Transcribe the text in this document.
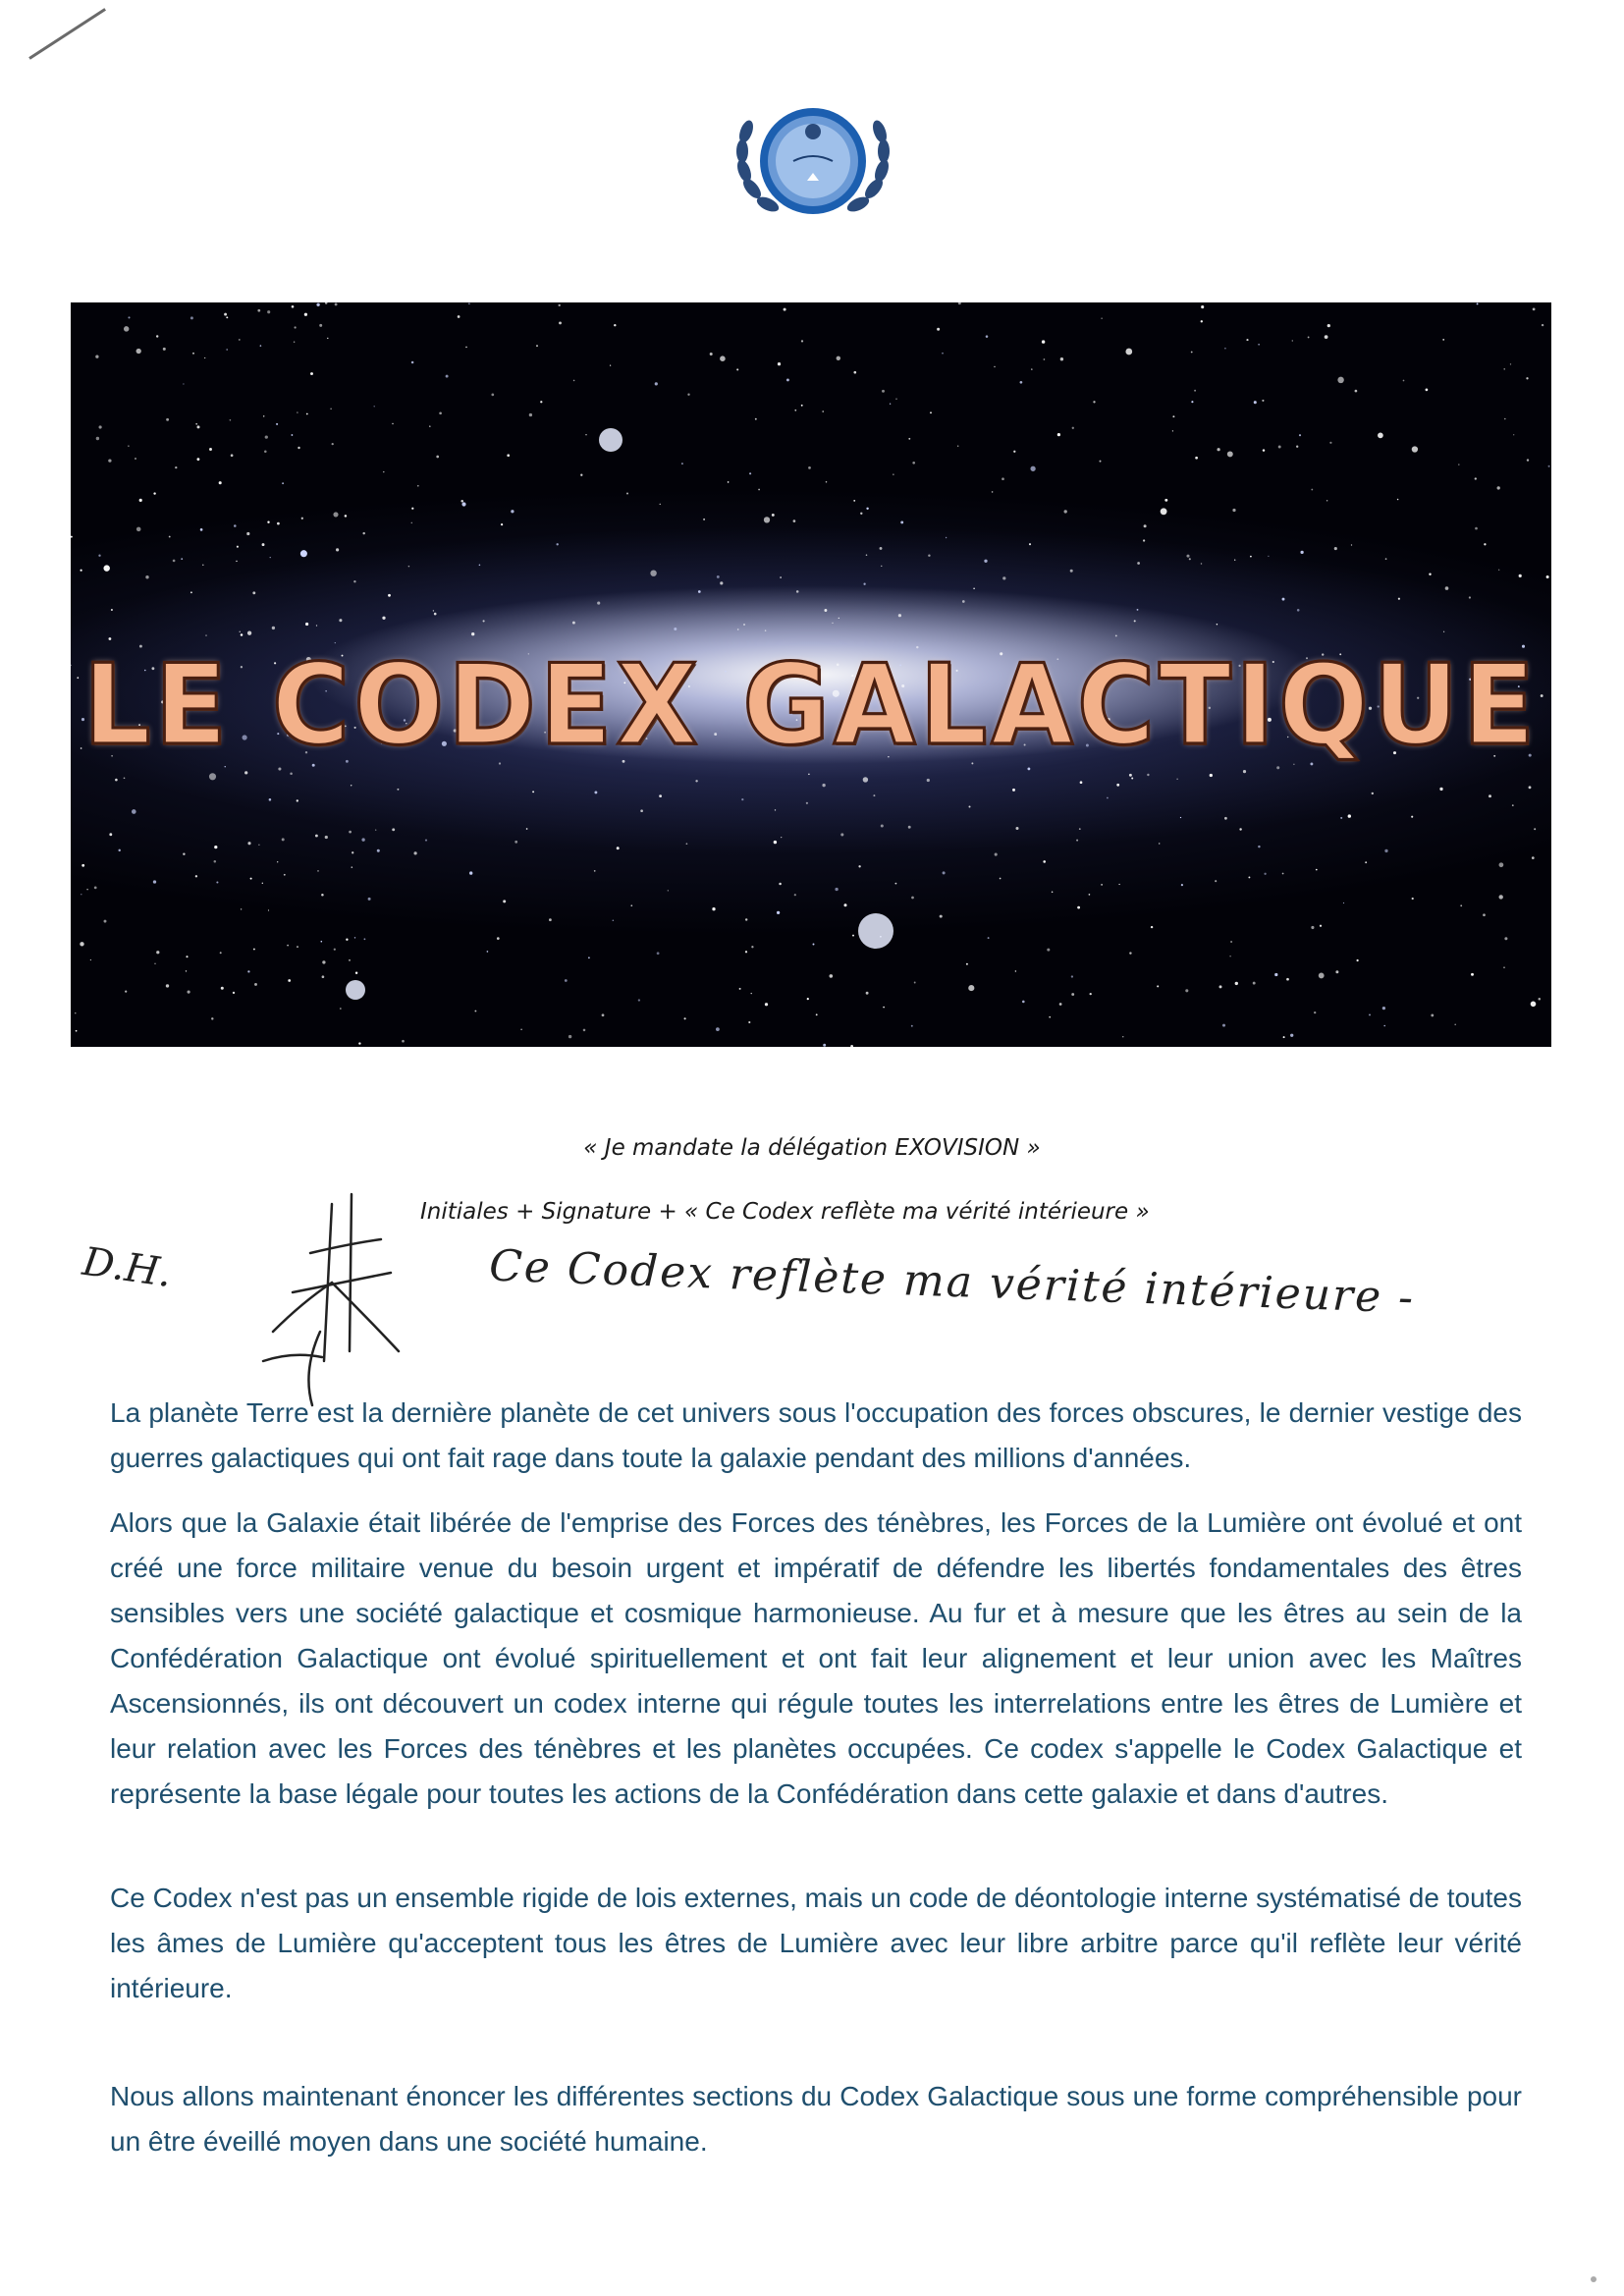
LE CODEX GALACTIQUE
« Je mandate la délégation EXOVISION »
Initiales + Signature + « Ce Codex reflète ma vérité intérieure »
D.H.	Ce Codex reflète ma vérité intérieure -

La planète Terre est la dernière planète de cet univers sous l'occupation des forces obscures, le dernier vestige des guerres galactiques qui ont fait rage dans toute la galaxie pendant des millions d'années.

Alors que la Galaxie était libérée de l'emprise des Forces des ténèbres, les Forces de la Lumière ont évolué et ont créé une force militaire venue du besoin urgent et impératif de défendre les libertés fondamentales des êtres sensibles vers une société galactique et cosmique harmonieuse. Au fur et à mesure que les êtres au sein de la Confédération Galactique ont évolué spirituellement et ont fait leur alignement et leur union avec les Maîtres Ascensionnés, ils ont découvert un codex interne qui régule toutes les interrelations entre les êtres de Lumière et leur relation avec les Forces des ténèbres et les planètes occupées. Ce codex s'appelle le Codex Galactique et représente la base légale pour toutes les actions de la Confédération dans cette galaxie et dans d'autres.

Ce Codex n'est pas un ensemble rigide de lois externes, mais un code de déontologie interne systématisé de toutes les âmes de Lumière qu'acceptent tous les êtres de Lumière avec leur libre arbitre parce qu'il reflète leur vérité intérieure.

Nous allons maintenant énoncer les différentes sections du Codex Galactique sous une forme compréhensible pour un être éveillé moyen dans une société humaine.
